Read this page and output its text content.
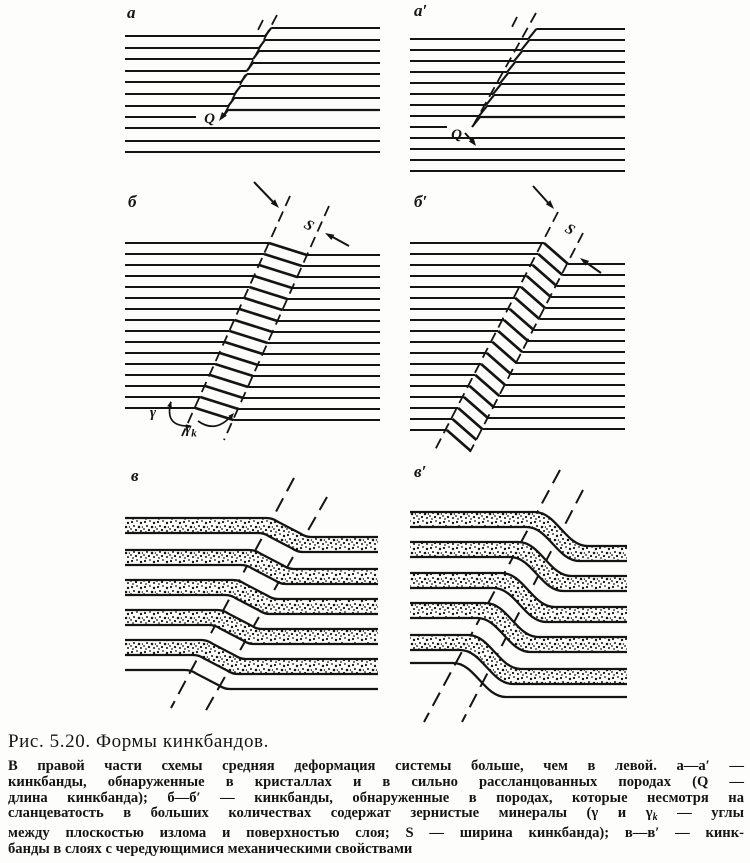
а	а′
б	б′
в	в′
Q
Q
S	S
γ
$\gamma_k$
Рис. 5.20. Формы кинкбандов.
В правой части схемы средняя деформация системы больше, чем в левой. а—а′ —
кинкбанды, обнаруженные в кристаллах и в сильно рассланцованных породах (Q —
длина кинкбанда); б—б′ — кинкбанды, обнаруженные в породах, которые несмотря на
сланцеватость в больших количествах содержат зернистые минералы (γ и $\gamma_k$ — углы
между плоскостью излома и поверхностью слоя; S — ширина кинкбанда); в—в′ — кинк-
банды в слоях с чередующимися механическими свойствами
